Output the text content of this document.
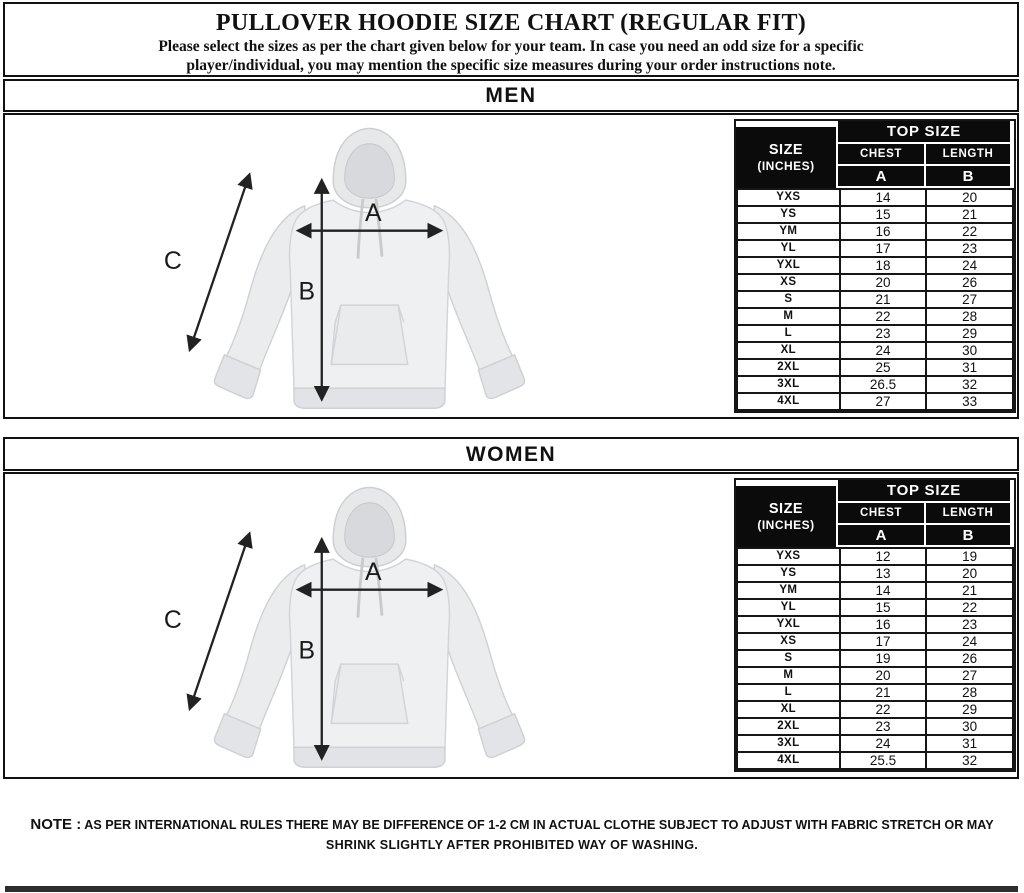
PULLOVER HOODIE SIZE CHART (REGULAR FIT)
Please select the sizes as per the chart given below for your team. In case you need an odd size for a specific
player/individual, you may mention the specific size measures during your order instructions note.
MEN
SIZE
(INCHES)
TOP SIZE
CHEST	LENGTH
A	B
YXS	14	20
YS	15	21
YM	16	22
YL	17	23
YXL	18	24
XS	20	26
S	21	27
M	22	28
L	23	29
XL	24	30
2XL	25	31
3XL	26.5	32
4XL	27	33
WOMEN
SIZE
(INCHES)
TOP SIZE
CHEST	LENGTH
A	B
YXS	12	19
YS	13	20
YM	14	21
YL	15	22
YXL	16	23
XS	17	24
S	19	26
M	20	27
L	21	28
XL	22	29
2XL	23	30
3XL	24	31
4XL	25.5	32
NOTE : AS PER INTERNATIONAL RULES THERE MAY BE DIFFERENCE OF 1-2 CM IN ACTUAL CLOTHE SUBJECT TO ADJUST WITH FABRIC STRETCH OR MAY
SHRINK SLIGHTLY AFTER PROHIBITED WAY OF WASHING.
